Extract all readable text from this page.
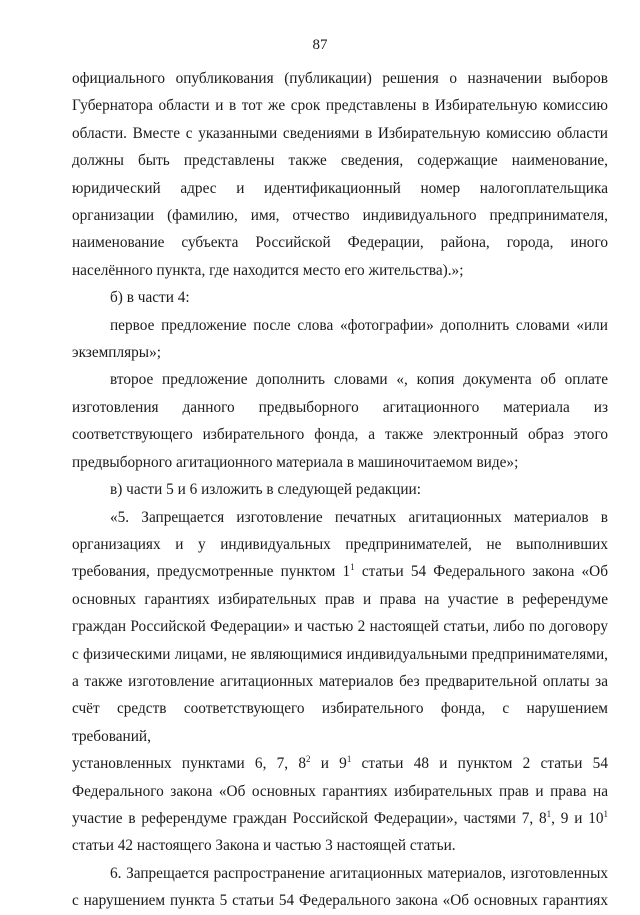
87
официального опубликования (публикации) решения о назначении выборов
Губернатора области и в тот же срок представлены в Избирательную комиссию
области. Вместе с указанными сведениями в Избирательную комиссию области
должны быть представлены также сведения, содержащие наименование,
юридический адрес и идентификационный номер налогоплательщика
организации (фамилию, имя, отчество индивидуального предпринимателя,
наименование субъекта Российской Федерации, района, города, иного
населённого пункта, где находится место его жительства).»;
б) в части 4:
первое предложение после слова «фотографии» дополнить словами «или
экземпляры»;
второе предложение дополнить словами «, копия документа об оплате
изготовления данного предвыборного агитационного материала из
соответствующего избирательного фонда, а также электронный образ этого
предвыборного агитационного материала в машиночитаемом виде»;
в) части 5 и 6 изложить в следующей редакции:
«5. Запрещается изготовление печатных агитационных материалов в
организациях и у индивидуальных предпринимателей, не выполнивших
требования, предусмотренные пунктом $1^1$ статьи 54 Федерального закона «Об
основных гарантиях избирательных прав и права на участие в референдуме
граждан Российской Федерации» и частью 2 настоящей статьи, либо по договору
с физическими лицами, не являющимися индивидуальными предпринимателями,
а также изготовление агитационных материалов без предварительной оплаты за
счёт средств соответствующего избирательного фонда, с нарушением требований,
установленных пунктами 6, 7, $8^2$ и $9^1$ статьи 48 и пунктом 2 статьи 54
Федерального закона «Об основных гарантиях избирательных прав и права на
участие в референдуме граждан Российской Федерации», частями 7, $8^1$, 9 и $10^1$
статьи 42 настоящего Закона и частью 3 настоящей статьи.
6. Запрещается распространение агитационных материалов, изготовленных
с нарушением пункта 5 статьи 54 Федерального закона «Об основных гарантиях
